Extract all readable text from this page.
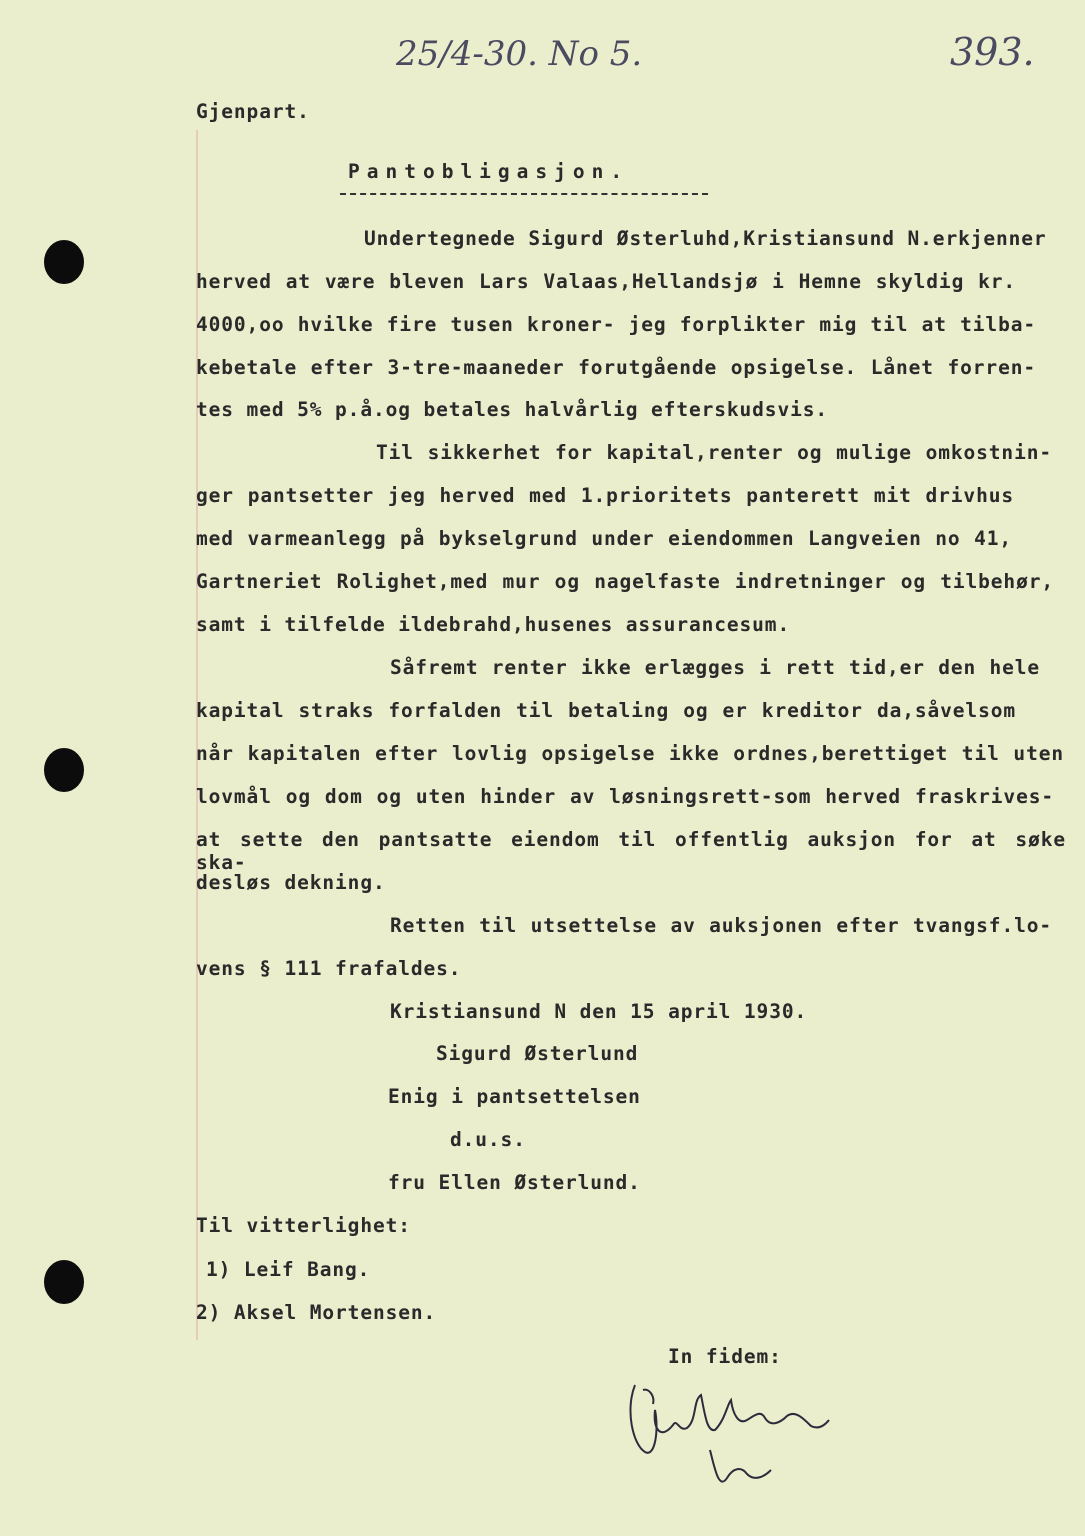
25/4-30. No 5.	393.
Gjenpart.
Pantobligasjon.
Undertegnede Sigurd Østerluhd,Kristiansund N.erkjenner
herved at være bleven Lars Valaas,Hellandsjø i Hemne skyldig kr.
4000,oo hvilke fire tusen kroner- jeg forplikter mig til at tilba-
kebetale efter 3-tre-maaneder forutgående opsigelse. Lånet forren-
tes med 5% p.å.og betales halvårlig efterskudsvis.
Til sikkerhet for kapital,renter og mulige omkostnin-
ger pantsetter jeg herved med 1.prioritets panterett mit drivhus
med varmeanlegg på bykselgrund under eiendommen Langveien no 41,
Gartneriet Rolighet,med mur og nagelfaste indretninger og tilbehør,
samt i tilfelde ildebrahd,husenes assurancesum.
Såfremt renter ikke erlægges i rett tid,er den hele
kapital straks forfalden til betaling og er kreditor da,såvelsom
når kapitalen efter lovlig opsigelse ikke ordnes,berettiget til uten
lovmål og dom og uten hinder av løsningsrett-som herved fraskrives-
at sette den pantsatte eiendom til offentlig auksjon for at søke ska-
desløs dekning.
Retten til utsettelse av auksjonen efter tvangsf.lo-
vens § 111 frafaldes.
Kristiansund N den 15 april 1930.
Sigurd Østerlund
Enig i pantsettelsen
d.u.s.
fru Ellen Østerlund.
Til vitterlighet:
1) Leif Bang.
2) Aksel Mortensen.
In fidem:
